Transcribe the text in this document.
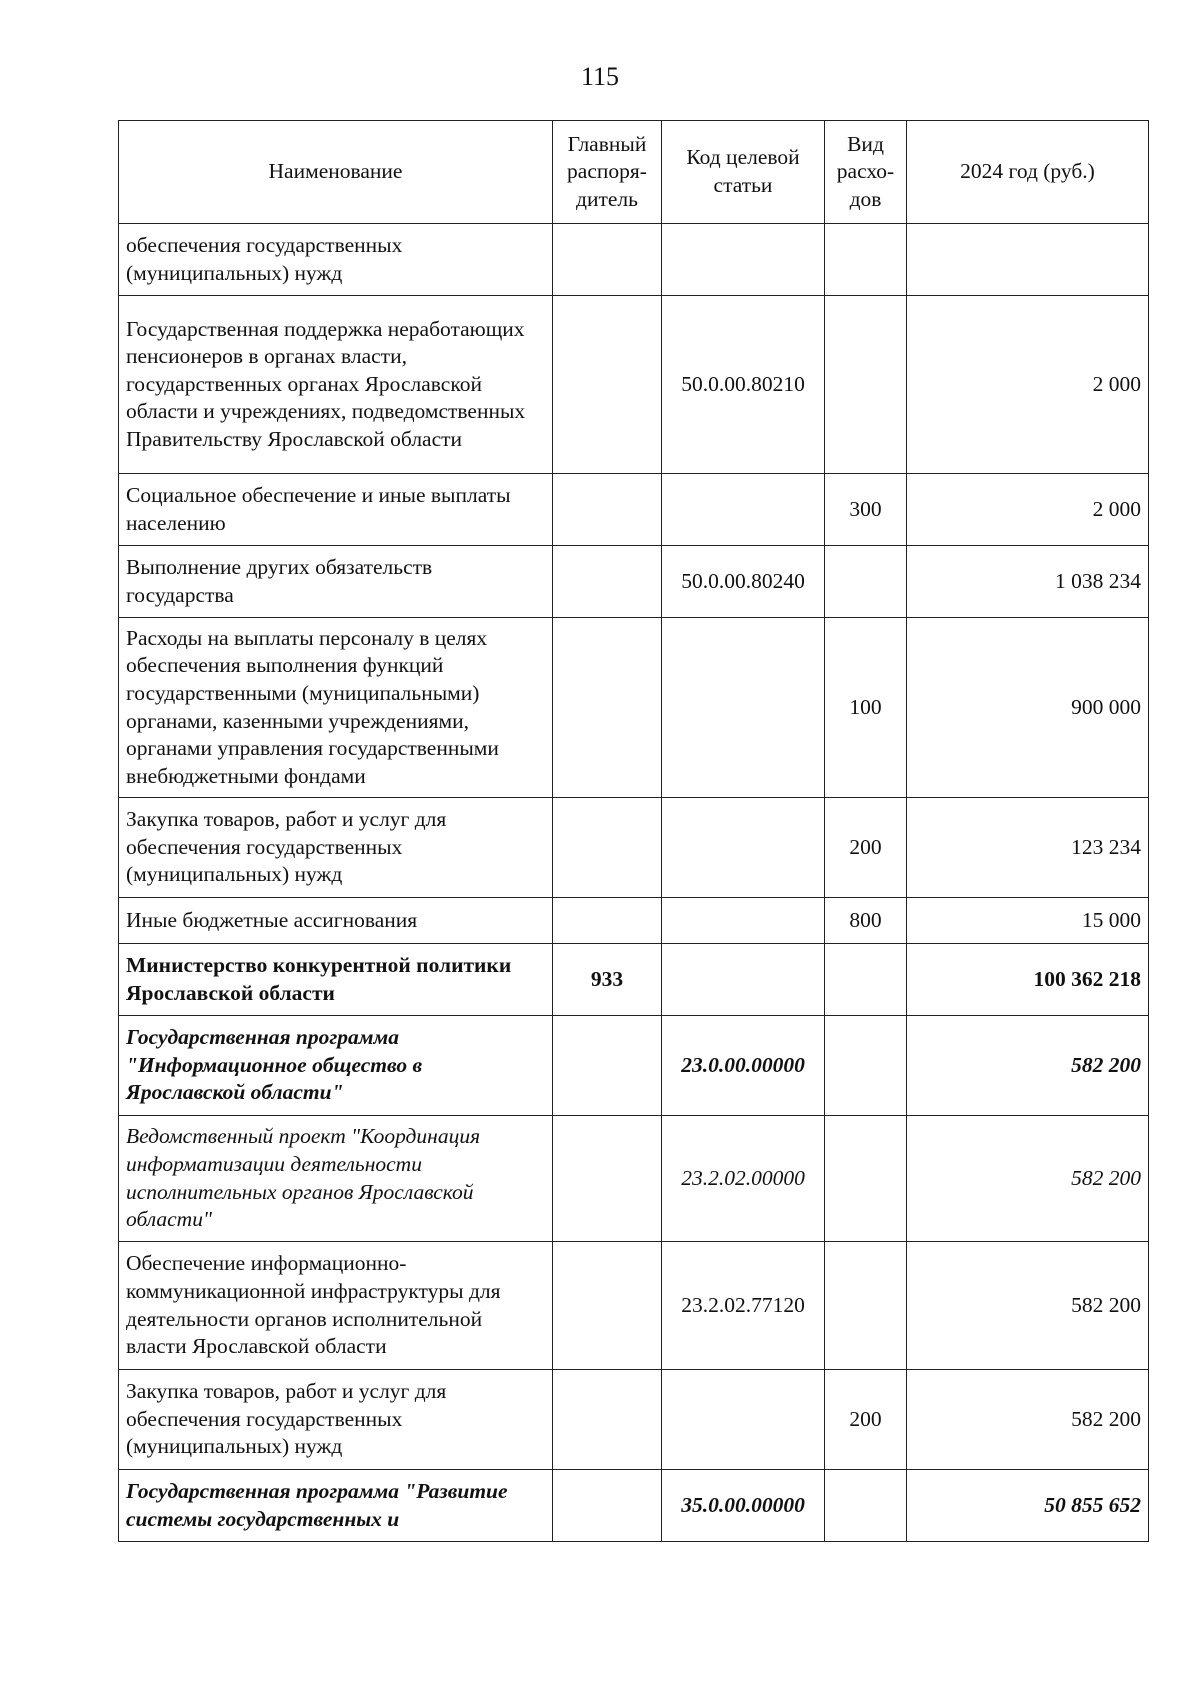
115
Наименование	Главный распоря-дитель	Код целевой статьи	Вид расхо-дов	2024 год (руб.)
обеспечения государственных (муниципальных) нужд				
Государственная поддержка неработающих пенсионеров в органах власти, государственных органах Ярославской области и учреждениях, подведомственных Правительству Ярославской области		50.0.00.80210		2 000
Социальное обеспечение и иные выплаты населению			300	2 000
Выполнение других обязательств государства		50.0.00.80240		1 038 234
Расходы на выплаты персоналу в целях обеспечения выполнения функций государственными (муниципальными) органами, казенными учреждениями, органами управления государственными внебюджетными фондами			100	900 000
Закупка товаров, работ и услуг для обеспечения государственных (муниципальных) нужд			200	123 234
Иные бюджетные ассигнования			800	15 000
Министерство конкурентной политики Ярославской области	933			100 362 218
Государственная программа "Информационное общество в Ярославской области"		23.0.00.00000		582 200
Ведомственный проект "Координация информатизации деятельности исполнительных органов Ярославской области"		23.2.02.00000		582 200
Обеспечение информационно-коммуникационной инфраструктуры для деятельности органов исполнительной власти Ярославской области		23.2.02.77120		582 200
Закупка товаров, работ и услуг для обеспечения государственных (муниципальных) нужд			200	582 200
Государственная программа "Развитие системы государственных и		35.0.00.00000		50 855 652
